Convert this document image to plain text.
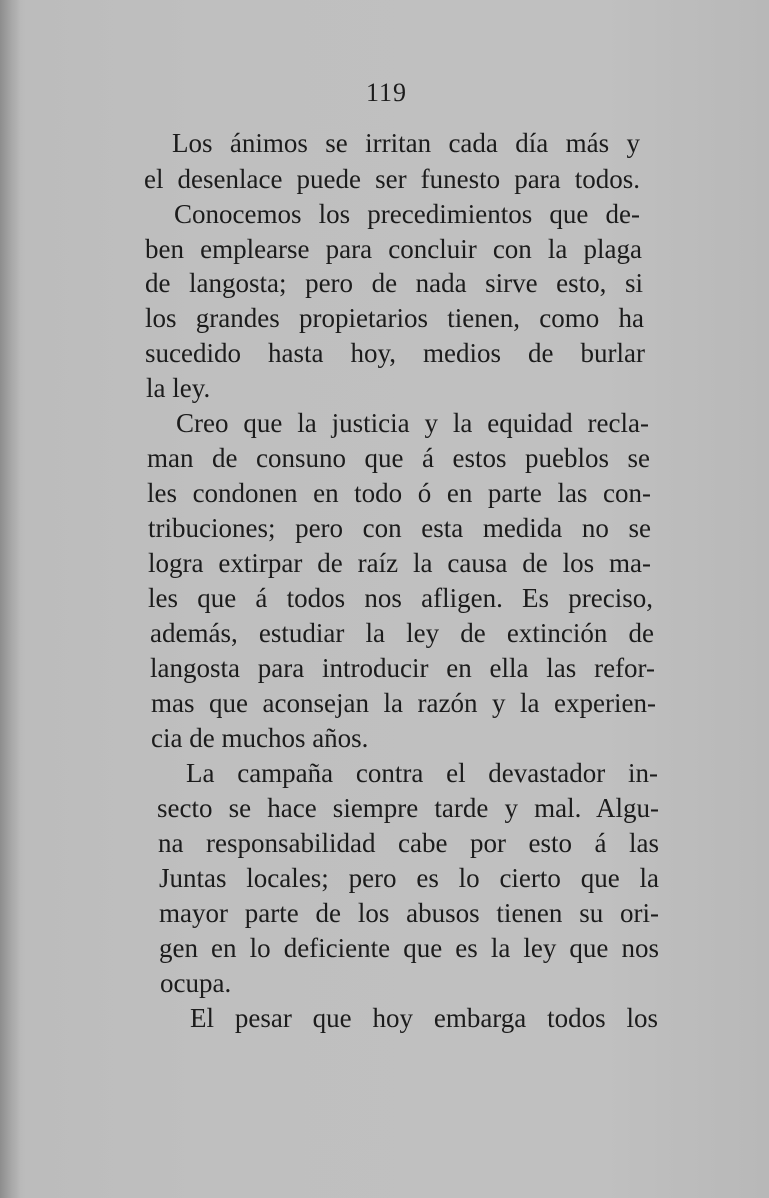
119
Los ánimos se irritan cada día más y
el desenlace puede ser funesto para todos.
Conocemos los precedimientos que de-
ben emplearse para concluir con la plaga
de langosta; pero de nada sirve esto, si
los grandes propietarios tienen, como ha
sucedido hasta hoy, medios de burlar
la ley.
Creo que la justicia y la equidad recla-
man de consuno que á estos pueblos se
les condonen en todo ó en parte las con-
tribuciones; pero con esta medida no se
logra extirpar de raíz la causa de los ma-
les que á todos nos afligen. Es preciso,
además, estudiar la ley de extinción de
langosta para introducir en ella las refor-
mas que aconsejan la razón y la experien-
cia de muchos años.
La campaña contra el devastador in-
secto se hace siempre tarde y mal. Algu-
na responsabilidad cabe por esto á las
Juntas locales; pero es lo cierto que la
mayor parte de los abusos tienen su ori-
gen en lo deficiente que es la ley que nos
ocupa.
El pesar que hoy embarga todos los
